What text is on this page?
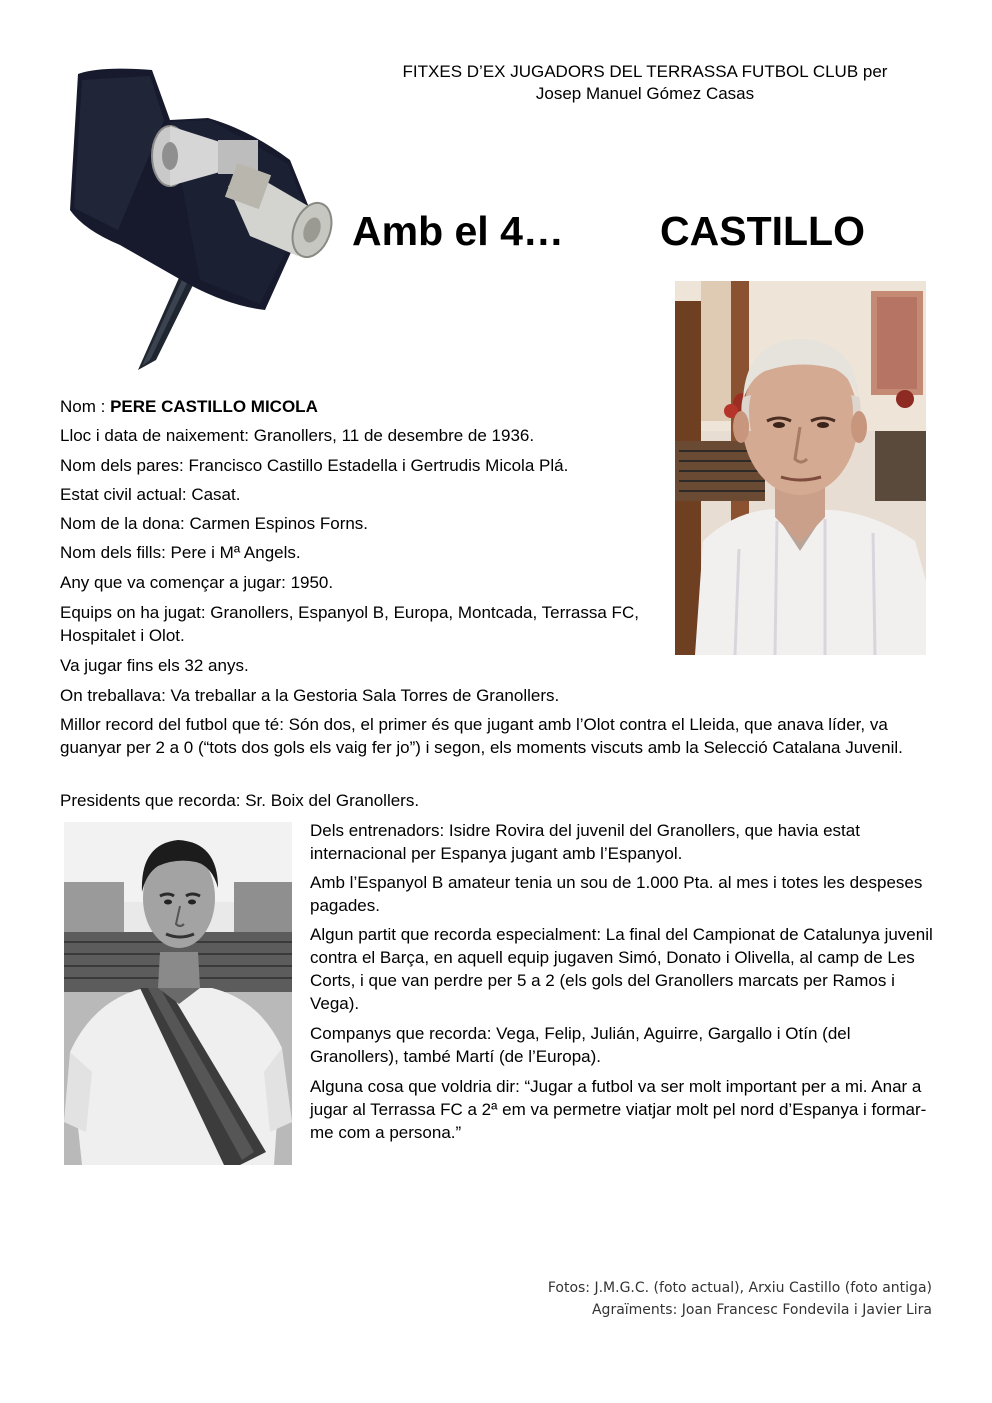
FITXES D’EX JUGADORS DEL TERRASSA FUTBOL CLUB per
Josep Manuel Gómez Casas
Amb el 4… CASTILLO
Nom : PERE CASTILLO MICOLA
Lloc i data de naixement: Granollers, 11 de desembre de 1936.
Nom dels pares: Francisco Castillo Estadella i Gertrudis Micola Plá.
Estat civil actual: Casat.
Nom de la dona: Carmen Espinos Forns.
Nom dels fills: Pere i Mª Angels.
Any que va començar a jugar: 1950.
Equips on ha jugat: Granollers, Espanyol B, Europa, Montcada, Terrassa FC, Hospitalet i Olot.
Va jugar fins els 32 anys.
On treballava: Va treballar a la Gestoria Sala Torres de Granollers.
Millor record del futbol que té: Són dos, el primer és que jugant amb l’Olot contra el Lleida, que anava líder, va guanyar per 2 a 0 (“tots dos gols els vaig fer jo”) i segon, els moments viscuts amb la Selecció Catalana Juvenil.
Presidents que recorda: Sr. Boix del Granollers.
Dels entrenadors: Isidre Rovira del juvenil del Granollers, que havia estat internacional per Espanya jugant amb l’Espanyol.
Amb l’Espanyol B amateur tenia un sou de 1.000 Pta. al mes i totes les despeses pagades.
Algun partit que recorda especialment: La final del Campionat de Catalunya juvenil contra el Barça, en aquell equip jugaven Simó, Donato i Olivella, al camp de Les Corts, i que van perdre per 5 a 2 (els gols del Granollers marcats per Ramos i Vega).
Companys que recorda: Vega, Felip, Julián, Aguirre, Gargallo i Otín (del Granollers), també Martí (de l’Europa).
Alguna cosa que voldria dir: “Jugar a futbol va ser molt important per a mi. Anar a jugar al Terrassa FC a 2ª em va permetre viatjar molt pel nord d’Espanya i formar-me com a persona.”
Fotos: J.M.G.C. (foto actual), Arxiu Castillo (foto antiga)
Agraïments: Joan Francesc Fondevila i Javier Lira
